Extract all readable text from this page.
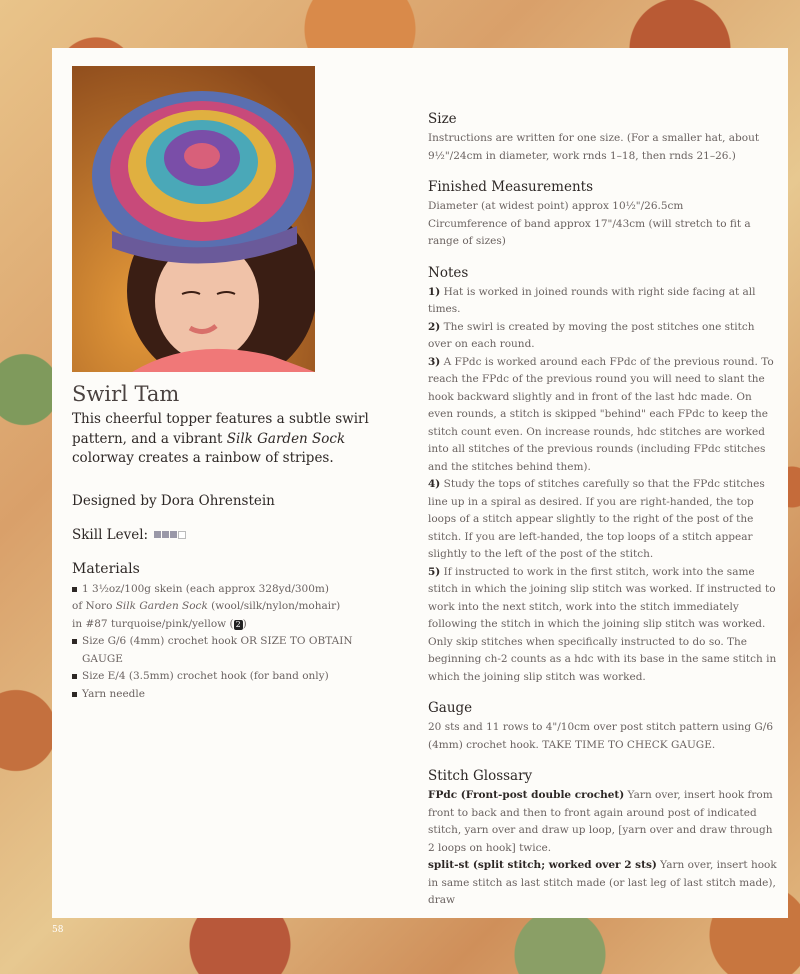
Swirl Tam

This cheerful topper features a subtle swirl pattern, and a vibrant Silk Garden Sock colorway creates a rainbow of stripes.

Designed by Dora Ohrenstein
Skill Level:
Materials
1 3½oz/100g skein (each approx 328yd/300m)
of Noro Silk Garden Sock (wool/silk/nylon/mohair)
in #87 turquoise/pink/yellow ( 2 )
Size G/6 (4mm) crochet hook OR SIZE TO OBTAIN GAUGE
Size E/4 (3.5mm) crochet hook (for band only)
Yarn needle
Size

Instructions are written for one size. (For a smaller hat, about 9½"/24cm in diameter, work rnds 1–18, then rnds 21–26.)

Finished Measurements

Diameter (at widest point) approx 10½"/26.5cm

Circumference of band approx 17"/43cm (will stretch to fit a range of sizes)

Notes

1) Hat is worked in joined rounds with right side facing at all times.

2) The swirl is created by moving the post stitches one stitch over on each round.

3) A FPdc is worked around each FPdc of the previous round. To reach the FPdc of the previous round you will need to slant the hook backward slightly and in front of the last hdc made. On even rounds, a stitch is skipped "behind" each FPdc to keep the stitch count even. On increase rounds, hdc stitches are worked into all stitches of the previous rounds (including FPdc stitches and the stitches behind them).

4) Study the tops of stitches carefully so that the FPdc stitches line up in a spiral as desired. If you are right-handed, the top loops of a stitch appear slightly to the right of the post of the stitch. If you are left-handed, the top loops of a stitch appear slightly to the left of the post of the stitch.

5) If instructed to work in the first stitch, work into the same stitch in which the joining slip stitch was worked. If instructed to work into the next stitch, work into the stitch immediately following the stitch in which the joining slip stitch was worked. Only skip stitches when specifically instructed to do so. The beginning ch-2 counts as a hdc with its base in the same stitch in which the joining slip stitch was worked.

Gauge

20 sts and 11 rows to 4"/10cm over post stitch pattern using G/6 (4mm) crochet hook. TAKE TIME TO CHECK GAUGE.

Stitch Glossary

FPdc (Front-post double crochet) Yarn over, insert hook from front to back and then to front again around post of indicated stitch, yarn over and draw up loop, [yarn over and draw through 2 loops on hook] twice.

split-st (split stitch; worked over 2 sts) Yarn over, insert hook in same stitch as last stitch made (or last leg of last stitch made), draw

58
